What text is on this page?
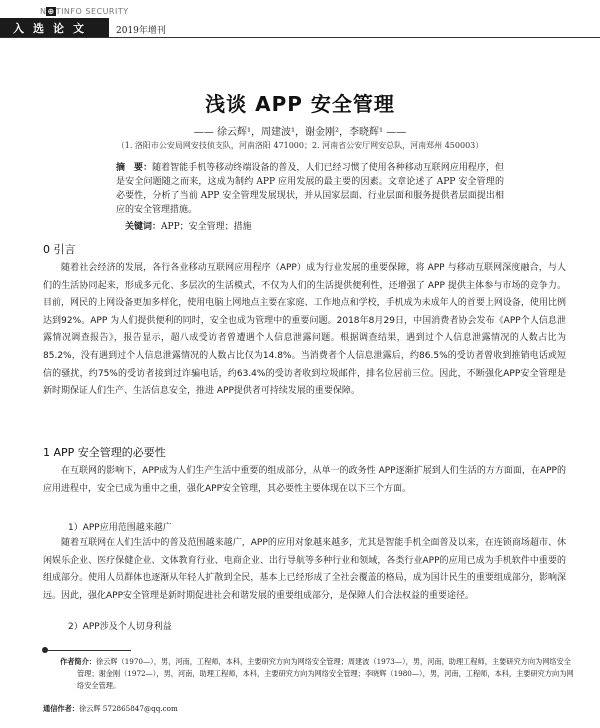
N⊕TINFO SECURITY
入选论文	2019年增刊
浅谈 APP 安全管理
—— 徐云辉¹，周建波¹，谢金刚²，李晓辉¹ ——
（1. 洛阳市公安局网安技侦支队，河南洛阳 471000；2. 河南省公安厅网安总队，河南郑州 450003）
摘　要：随着智能手机等移动终端设备的普及，人们已经习惯了使用各种移动互联网应用程序，但是安全问题随之而来，这成为制约 APP 应用发展的最主要的因素。文章论述了 APP 安全管理的必要性，分析了当前 APP 安全管理发展现状，并从国家层面、行业层面和服务提供者层面提出相应的安全管理措施。
关键词：APP；安全管理；措施
0 引言
随着社会经济的发展，各行各业移动互联网应用程序（APP）成为行业发展的重要保障，将 APP 与移动互联网深度融合，与人们的生活协同起来，形成多元化、多层次的生活模式，不仅为人们的生活提供便利性，还增强了 APP 提供主体参与市场的竞争力。目前，网民的上网设备更加多样化，使用电脑上网地点主要在家庭、工作地点和学校，手机成为未成年人的首要上网设备，使用比例达到92%。APP 为人们提供便利的同时，安全也成为管理中的重要问题。2018年8月29日，中国消费者协会发布《APP个人信息泄露情况调查报告》，报告显示，超八成受访者曾遭遇个人信息泄露问题。根据调查结果，遇到过个人信息泄露情况的人数占比为85.2%，没有遇到过个人信息泄露情况的人数占比仅为14.8%。当消费者个人信息泄露后，约86.5%的受访者曾收到推销电话或短信的骚扰，约75%的受访者接到过诈骗电话，约63.4%的受访者收到垃圾邮件，排名位居前三位。因此，不断强化APP安全管理是新时期保证人们生产、生活信息安全，推进 APP提供者可持续发展的重要保障。
1 APP 安全管理的必要性
在互联网的影响下，APP成为人们生产生活中重要的组成部分，从单一的政务性 APP逐渐扩展到人们生活的方方面面，在APP的应用进程中，安全已成为重中之重，强化APP安全管理，其必要性主要体现在以下三个方面。
1）APP应用范围越来越广
随着互联网在人们生活中的普及范围越来越广，APP的应用对象越来越多，尤其是智能手机全面普及以来，在连锁商场超市、休闲娱乐企业、医疗保健企业、文体教育行业、电商企业、出行导航等多种行业和领域，各类行业APP的应用已成为手机软件中重要的组成部分。使用人员群体也逐渐从年轻人扩散到全民，基本上已经形成了全社会覆盖的格局，成为国计民生的重要组成部分，影响深远。因此，强化APP安全管理是新时期促进社会和谐发展的重要组成部分，是保障人们合法权益的重要途径。
2）APP涉及个人切身利益
作者简介：徐云辉（1970—），男，河南，工程师，本科，主要研究方向为网络安全管理；周建波（1973—），男，河南，助理工程师，主要研究方向为网络安全管理；谢金刚（1972—），男，河南，助理工程师，本科，主要研究方向为网络安全管理；李晓辉（1980—），男，河南，工程师，本科，主要研究方向为网络安全管理。
通信作者：徐云辉 572865847@qq.com
